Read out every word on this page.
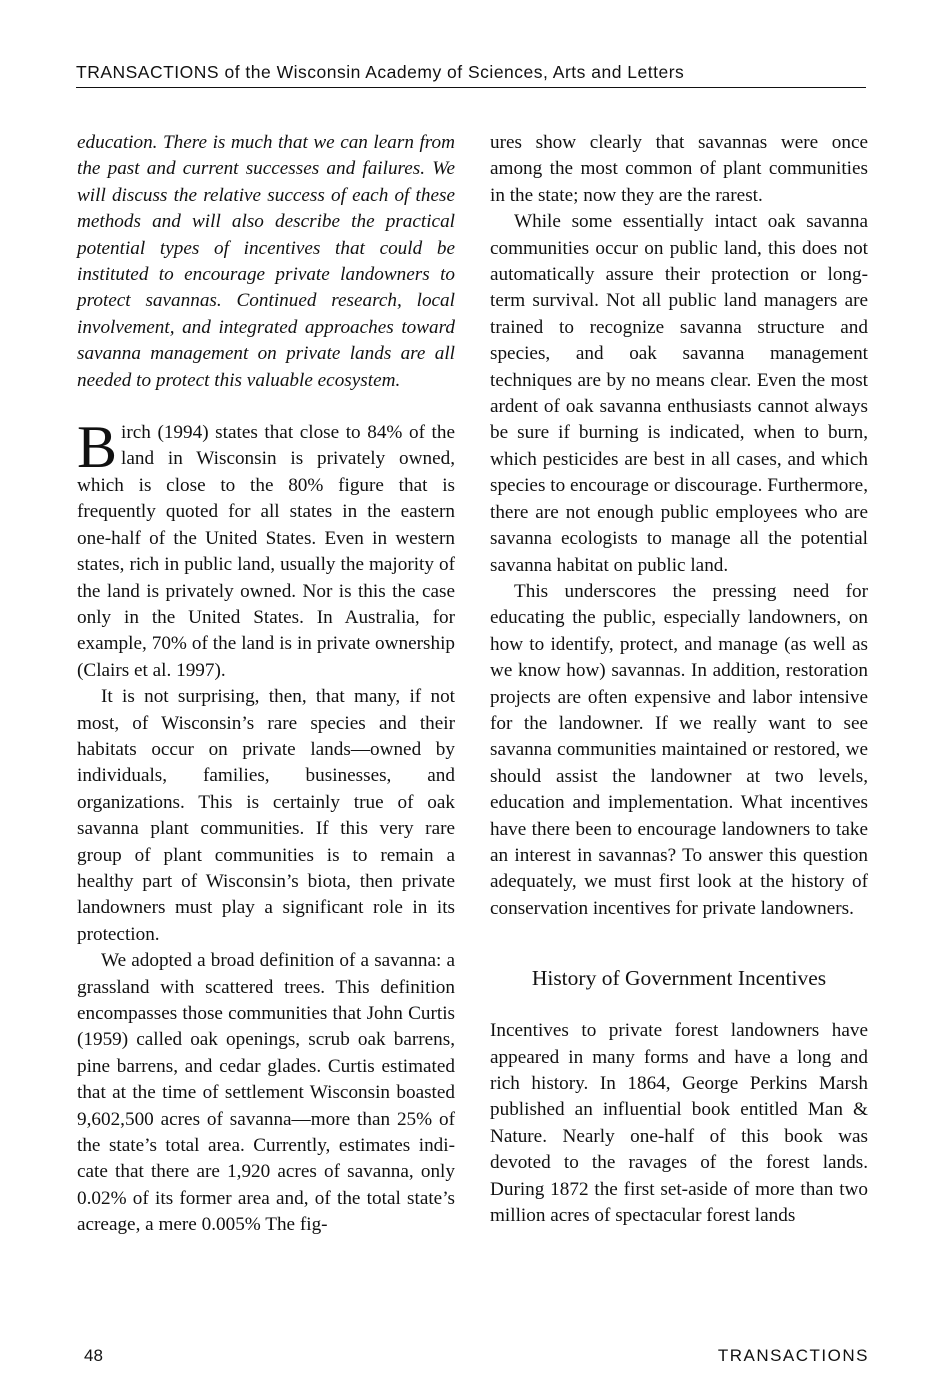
TRANSACTIONS of the Wisconsin Academy of Sciences, Arts and Letters

education. There is much that we can learn from the past and current successes and failures. We will discuss the relative success of each of these methods and will also describe the practical potential types of incentives that could be instituted to encourage private landowners to protect savannas. Continued research, local involvement, and integrated approaches toward savanna management on private lands are all needed to protect this valuable ecosystem.

Birch (1994) states that close to 84% of the land in Wisconsin is privately owned, which is close to the 80% figure that is frequently quoted for all states in the eastern one-half of the United States. Even in western states, rich in public land, usually the majority of the land is privately owned. Nor is this the case only in the United States. In Australia, for example, 70% of the land is in private ownership (Clairs et al. 1997).

It is not surprising, then, that many, if not most, of Wisconsin’s rare species and their habitats occur on private lands—owned by individuals, families, businesses, and organizations. This is certainly true of oak savanna plant communities. If this very rare group of plant communities is to remain a healthy part of Wisconsin’s biota, then private landowners must play a significant role in its protection.

We adopted a broad definition of a savanna: a grassland with scattered trees. This definition encompasses those communities that John Curtis (1959) called oak openings, scrub oak barrens, pine barrens, and cedar glades. Curtis estimated that at the time of settlement Wisconsin boasted 9,602,500 acres of savanna—more than 25% of the state’s total area. Currently, estimates indicate that there are 1,920 acres of savanna, only 0.02% of its former area and, of the total state’s acreage, a mere 0.005% The fig-

ures show clearly that savannas were once among the most common of plant communities in the state; now they are the rarest.

While some essentially intact oak savanna communities occur on public land, this does not automatically assure their protection or long-term survival. Not all public land managers are trained to recognize savanna structure and species, and oak savanna management techniques are by no means clear. Even the most ardent of oak savanna enthusiasts cannot always be sure if burning is indicated, when to burn, which pesticides are best in all cases, and which species to encourage or discourage. Furthermore, there are not enough public employees who are savanna ecologists to manage all the potential savanna habitat on public land.

This underscores the pressing need for educating the public, especially landowners, on how to identify, protect, and manage (as well as we know how) savannas. In addition, restoration projects are often expensive and labor intensive for the landowner. If we really want to see savanna communities maintained or restored, we should assist the landowner at two levels, education and implementation. What incentives have there been to encourage landowners to take an interest in savannas? To answer this question adequately, we must first look at the history of conservation incentives for private landowners.

History of Government Incentives

Incentives to private forest landowners have appeared in many forms and have a long and rich history. In 1864, George Perkins Marsh published an influential book entitled Man & Nature. Nearly one-half of this book was devoted to the ravages of the forest lands. During 1872 the first set-aside of more than two million acres of spectacular forest lands

48	TRANSACTIONS
